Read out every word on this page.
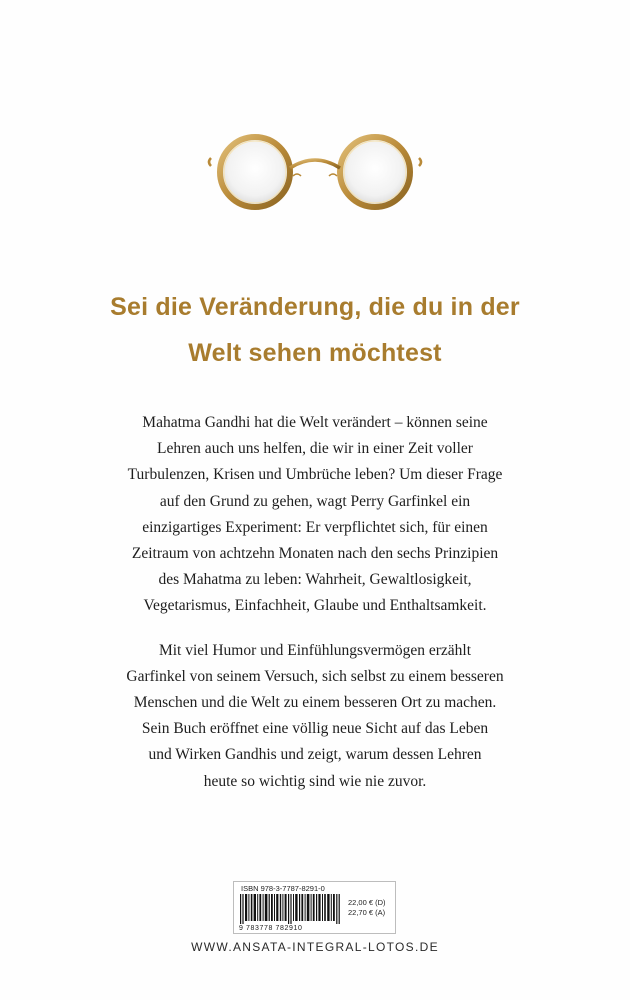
Sei die Veränderung, die du in der
Welt sehen möchtest
Mahatma Gandhi hat die Welt verändert – können seine
Lehren auch uns helfen, die wir in einer Zeit voller
Turbulenzen, Krisen und Umbrüche leben? Um dieser Frage
auf den Grund zu gehen, wagt Perry Garfinkel ein
einzigartiges Experiment: Er verpflichtet sich, für einen
Zeitraum von achtzehn Monaten nach den sechs Prinzipien
des Mahatma zu leben: Wahrheit, Gewaltlosigkeit,
Vegetarismus, Einfachheit, Glaube und Enthaltsamkeit.
Mit viel Humor und Einfühlungsvermögen erzählt
Garfinkel von seinem Versuch, sich selbst zu einem besseren
Menschen und die Welt zu einem besseren Ort zu machen.
Sein Buch eröffnet eine völlig neue Sicht auf das Leben
und Wirken Gandhis und zeigt, warum dessen Lehren
heute so wichtig sind wie nie zuvor.
ISBN 978-3-7787-8291-0
22,00 € (D)
22,70 € (A)
9 783778 782910
WWW.ANSATA-INTEGRAL-LOTOS.DE
